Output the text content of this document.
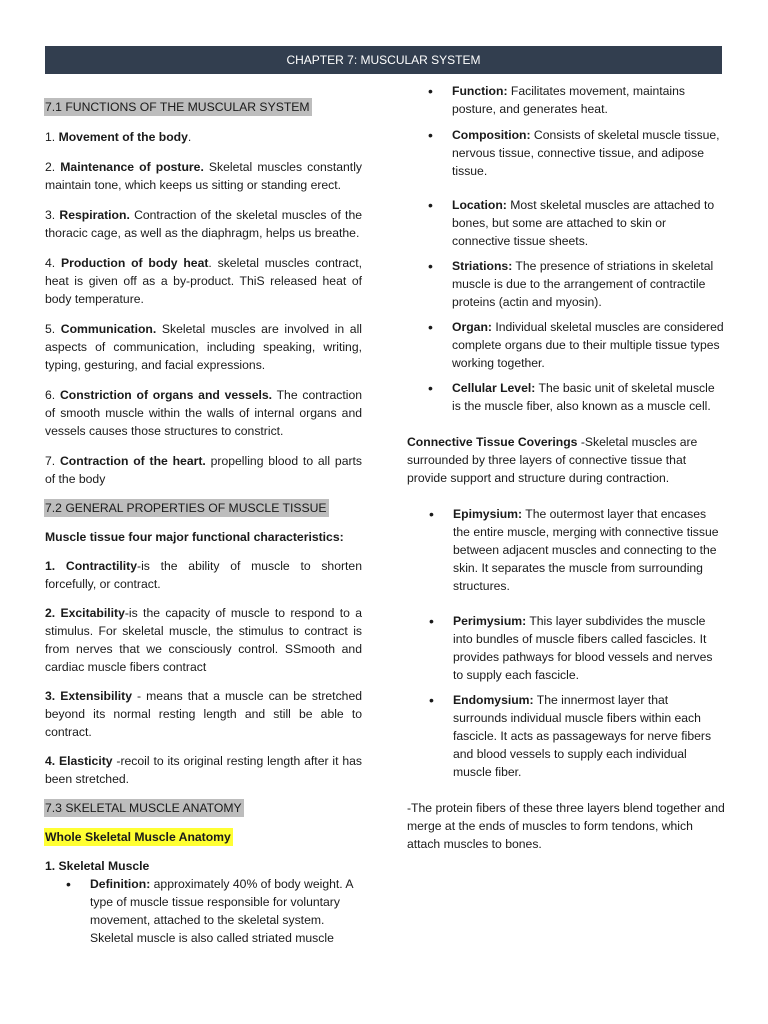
CHAPTER 7: MUSCULAR SYSTEM

7.1 FUNCTIONS OF THE MUSCULAR SYSTEM

1. Movement of the body.

2. Maintenance of posture. Skeletal muscles constantly maintain tone, which keeps us sitting or standing erect.

3. Respiration. Contraction of the skeletal muscles of the thoracic cage, as well as the diaphragm, helps us breathe.

4. Production of body heat. skeletal muscles contract, heat is given off as a by-product. ThiS released heat of body temperature.

5. Communication. Skeletal muscles are involved in all aspects of communication, including speaking, writing, typing, gesturing, and facial expressions.

6. Constriction of organs and vessels. The contraction of smooth muscle within the walls of internal organs and vessels causes those structures to constrict.

7. Contraction of the heart. propelling blood to all parts of the body

7.2 GENERAL PROPERTIES OF MUSCLE TISSUE

Muscle tissue four major functional characteristics:

1. Contractility-is the ability of muscle to shorten forcefully, or contract.

2. Excitability-is the capacity of muscle to respond to a stimulus. For skeletal muscle, the stimulus to contract is from nerves that we consciously control. SSmooth and cardiac muscle fibers contract

3. Extensibility - means that a muscle can be stretched beyond its normal resting length and still be able to contract.

4. Elasticity -recoil to its original resting length after it has been stretched.

7.3 SKELETAL MUSCLE ANATOMY

Whole Skeletal Muscle Anatomy

1. Skeletal Muscle

• Definition: approximately 40% of body weight. A type of muscle tissue responsible for voluntary movement, attached to the skeletal system. Skeletal muscle is also called striated muscle
• Function: Facilitates movement, maintains posture, and generates heat.
• Composition: Consists of skeletal muscle tissue, nervous tissue, connective tissue, and adipose tissue.
• Location: Most skeletal muscles are attached to bones, but some are attached to skin or connective tissue sheets.
• Striations: The presence of striations in skeletal muscle is due to the arrangement of contractile proteins (actin and myosin).
• Organ: Individual skeletal muscles are considered complete organs due to their multiple tissue types working together.
• Cellular Level: The basic unit of skeletal muscle is the muscle fiber, also known as a muscle cell.

Connective Tissue Coverings -Skeletal muscles are surrounded by three layers of connective tissue that provide support and structure during contraction.

• Epimysium: The outermost layer that encases the entire muscle, merging with connective tissue between adjacent muscles and connecting to the skin. It separates the muscle from surrounding structures.
• Perimysium: This layer subdivides the muscle into bundles of muscle fibers called fascicles. It provides pathways for blood vessels and nerves to supply each fascicle.
• Endomysium: The innermost layer that surrounds individual muscle fibers within each fascicle. It acts as passageways for nerve fibers and blood vessels to supply each individual muscle fiber.

-The protein fibers of these three layers blend together and merge at the ends of muscles to form tendons, which attach muscles to bones.
